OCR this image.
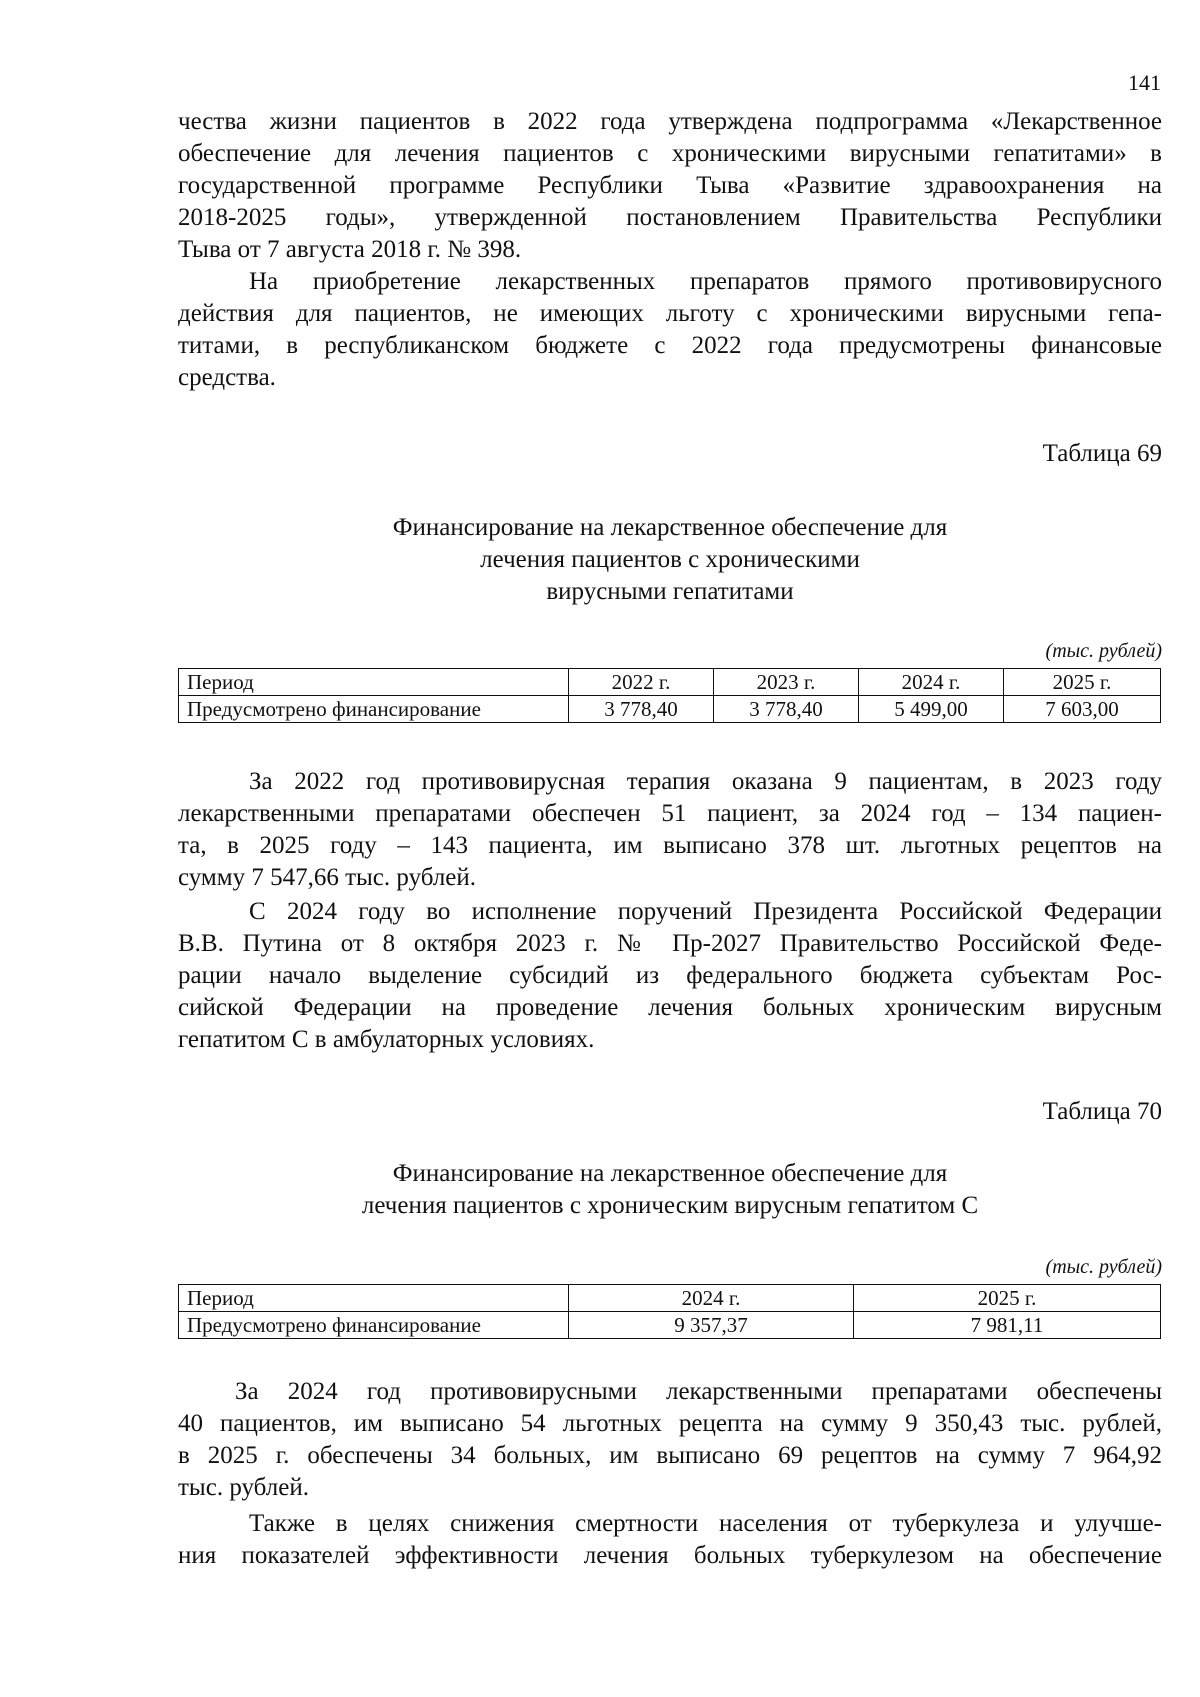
141
чества жизни пациентов в 2022 года утверждена подпрограмма «Лекарственное
обеспечение для лечения пациентов с хроническими вирусными гепатитами» в
государственной программе Республики Тыва «Развитие здравоохранения на
2018-2025 годы», утвержденной постановлением Правительства Республики
Тыва от 7 августа 2018 г. № 398.
На приобретение лекарственных препаратов прямого противовирусного
действия для пациентов, не имеющих льготу с хроническими вирусными гепа-
титами, в республиканском бюджете с 2022 года предусмотрены финансовые
средства.
Таблица 69
Финансирование на лекарственное обеспечение для
лечения пациентов с хроническими
вирусными гепатитами
(тыс. рублей)
Период	2022 г.	2023 г.	2024 г.	2025 г.
Предусмотрено финансирование	3 778,40	3 778,40	5 499,00	7 603,00
За 2022 год противовирусная терапия оказана 9 пациентам, в 2023 году
лекарственными препаратами обеспечен 51 пациент, за 2024 год – 134 пациен-
та, в 2025 году – 143 пациента, им выписано 378 шт. льготных рецептов на
сумму 7 547,66 тыс. рублей.
С 2024 году во исполнение поручений Президента Российской Федерации
В.В. Путина от 8 октября 2023 г. № Пр-2027 Правительство Российской Феде-
рации начало выделение субсидий из федерального бюджета субъектам Рос-
сийской Федерации на проведение лечения больных хроническим вирусным
гепатитом С в амбулаторных условиях.
Таблица 70
Финансирование на лекарственное обеспечение для
лечения пациентов с хроническим вирусным гепатитом С
(тыс. рублей)
Период	2024 г.	2025 г.
Предусмотрено финансирование	9 357,37	7 981,11
За 2024 год противовирусными лекарственными препаратами обеспечены
40 пациентов, им выписано 54 льготных рецепта на сумму 9 350,43 тыс. рублей,
в 2025 г. обеспечены 34 больных, им выписано 69 рецептов на сумму 7 964,92
тыс. рублей.
Также в целях снижения смертности населения от туберкулеза и улучше-
ния показателей эффективности лечения больных туберкулезом на обеспечение
